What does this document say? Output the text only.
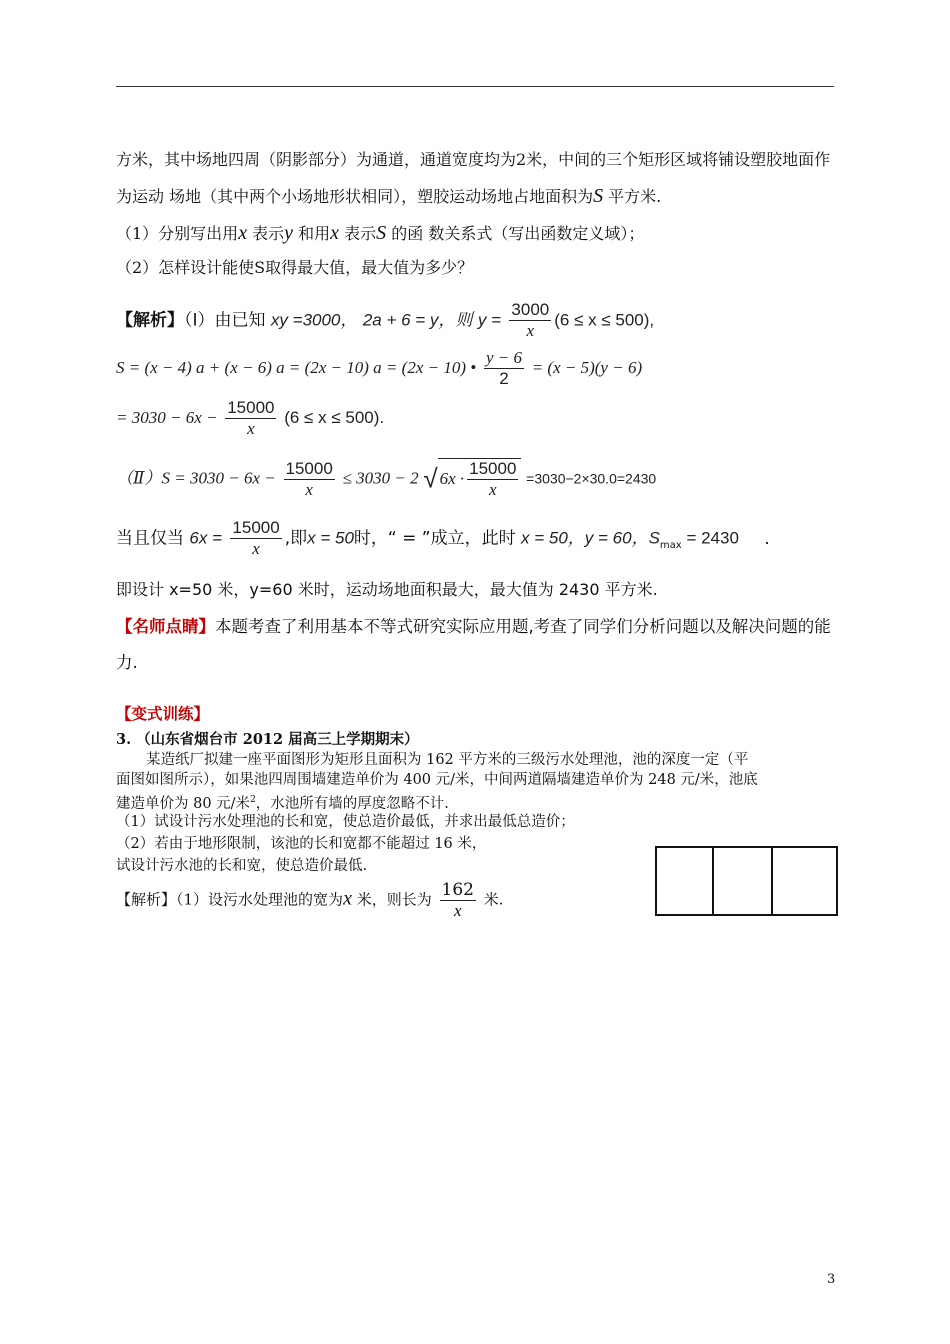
方米，其中场地四周（阴影部分）为通道，通道宽度均为2米，中间的三个矩形区域将铺设塑胶地面作
为运动 场地（其中两个小场地形状相同），塑胶运动场地占地面积为S 平方米.
（1）分别写出用x 表示y 和用x 表示S 的函 数关系式（写出函数定义域）；
（2）怎样设计能使S取得最大值，最大值为多少？
【解析】（Ⅰ）由已知 xy =3000， 2a + 6 = y，则 $y = \frac{3000}{x} (6 \le x \le 500)$,
S = (x − 4) a + (x − 6) a = (2x − 10) a = (2x − 10) • $\frac{y - 6}{2} = (x - 5)(y - 6)$
= $3030 - 6x - \frac{15000}{x} (6 \le x \le 500)$.
（Ⅱ）S = $3030 - 6x - \frac{15000}{x} \le 3030 - 2$ √ $6x \cdot \frac{15000}{x} =3030-2\times 30.0=2430$
当且仅当 $6x = \frac{15000}{x}$ ,即x = 50时，“ = ”成立，此时 x = 50，y = 60，$S_{max} = 2430$ .
即设计 x=50 米，y=60 米时，运动场地面积最大，最大值为 2430 平方米.
【名师点睛】本题考查了利用基本不等式研究实际应用题,考查了同学们分析问题以及解决问题的能
力.
【变式训练】
3. （山东省烟台市 2012 届高三上学期期末）
某造纸厂拟建一座平面图形为矩形且面积为 162 平方米的三级污水处理池，池的深度一定（平
面图如图所示），如果池四周围墙建造单价为 400 元/米，中间两道隔墙建造单价为 248 元/米，池底
建造单价为 80 元/米$^2$，水池所有墙的厚度忽略不计.
（1）试设计污水处理池的长和宽，使总造价最低，并求出最低总造价；
（2）若由于地形限制，该池的长和宽都不能超过 16 米，
试设计污水池的长和宽，使总造价最低.
【解析】（1）设污水处理池的宽为x 米，则长为 $\frac{162}{x}$ 米.
3
